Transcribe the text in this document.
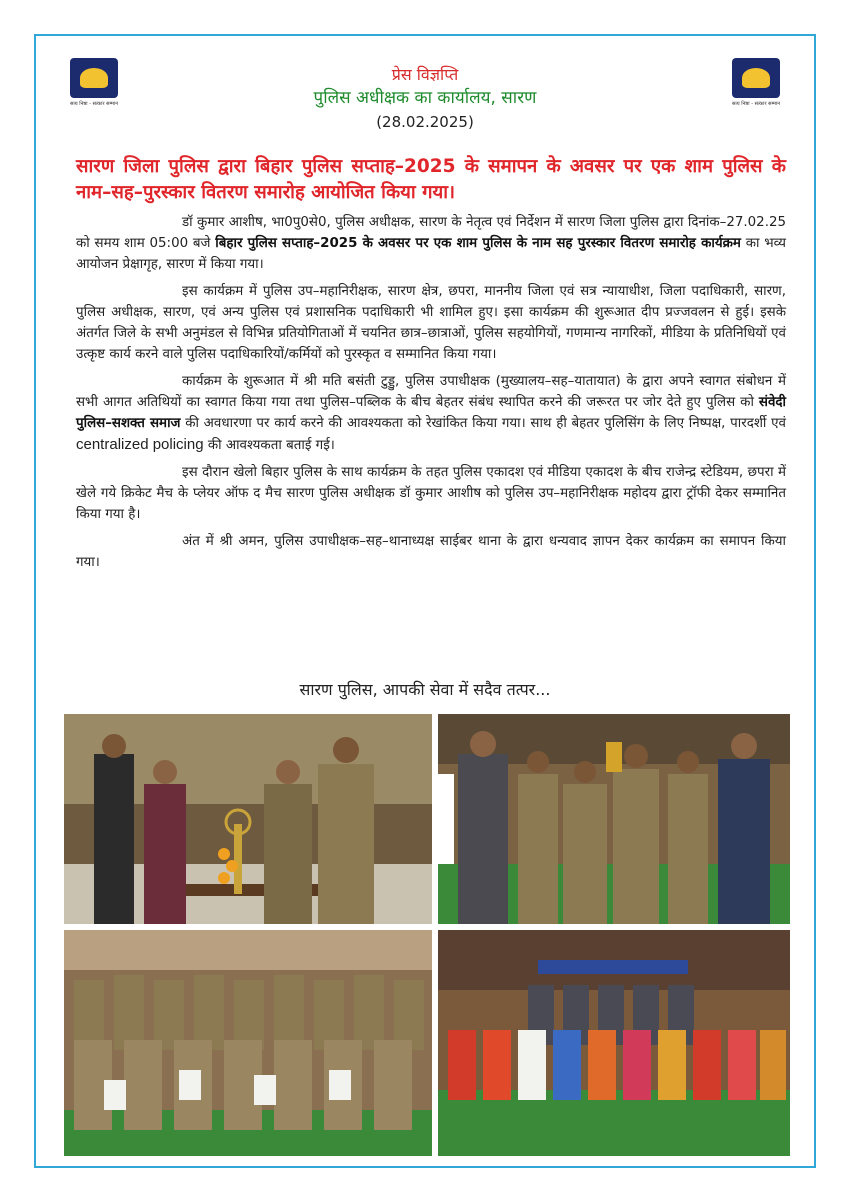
सत्य निष्ठा - सत्कार सम्मान	सत्य निष्ठा - सत्कार सम्मान
प्रेस विज्ञप्ति
पुलिस अधीक्षक का कार्यालय, सारण
(28.02.2025)
सारण जिला पुलिस द्वारा बिहार पुलिस सप्ताह–2025 के समापन के अवसर पर एक शाम पुलिस के नाम–सह–पुरस्कार वितरण समारोह आयोजित किया गया।

डॉ कुमार आशीष, भा0पु0से0, पुलिस अधीक्षक, सारण के नेतृत्व एवं निर्देशन में सारण जिला पुलिस द्वारा दिनांक–27.02.25 को समय शाम 05:00 बजे बिहार पुलिस सप्ताह–2025 के अवसर पर एक शाम पुलिस के नाम सह पुरस्कार वितरण समारोह कार्यक्रम का भव्य आयोजन प्रेक्षागृह, सारण में किया गया।

इस कार्यक्रम में पुलिस उप–महानिरीक्षक, सारण क्षेत्र, छपरा, माननीय जिला एवं सत्र न्यायाधीश, जिला पदाधिकारी, सारण, पुलिस अधीक्षक, सारण, एवं अन्य पुलिस एवं प्रशासनिक पदाधिकारी भी शामिल हुए। इसा कार्यक्रम की शुरूआत दीप प्रज्जवलन से हुई। इसके अंतर्गत जिले के सभी अनुमंडल से विभिन्न प्रतियोगिताओं में चयनित छात्र–छात्राओं, पुलिस सहयोगियों, गणमान्य नागरिकों, मीडिया के प्रतिनिधियों एवं उत्कृष्ट कार्य करने वाले पुलिस पदाधिकारियों/कर्मियों को पुरस्कृत व सम्मानित किया गया।

कार्यक्रम के शुरूआत में श्री मति बसंती टुड्डु, पुलिस उपाधीक्षक (मुख्यालय–सह–यातायात) के द्वारा अपने स्वागत संबोधन में सभी आगत अतिथियों का स्वागत किया गया तथा पुलिस–पब्लिक के बीच बेहतर संबंध स्थापित करने की जरूरत पर जोर देते हुए पुलिस को संवेदी पुलिस–सशक्त समाज की अवधारणा पर कार्य करने की आवश्यकता को रेखांकित किया गया। साथ ही बेहतर पुलिसिंग के लिए निष्पक्ष, पारदर्शी एवं centralized policing की आवश्यकता बताई गई।

इस दौरान खेलो बिहार पुलिस के साथ कार्यक्रम के तहत पुलिस एकादश एवं मीडिया एकादश के बीच राजेन्द्र स्टेडियम, छपरा में खेले गये क्रिकेट मैच के प्लेयर ऑफ द मैच सारण पुलिस अधीक्षक डॉ कुमार आशीष को पुलिस उप–महानिरीक्षक महोदय द्वारा ट्रॉफी देकर सम्मानित किया गया है।

अंत में श्री अमन, पुलिस उपाधीक्षक–सह–थानाध्यक्ष साईबर थाना के द्वारा धन्यवाद ज्ञापन देकर कार्यक्रम का समापन किया गया।

सारण पुलिस, आपकी सेवा में सदैव तत्पर...
